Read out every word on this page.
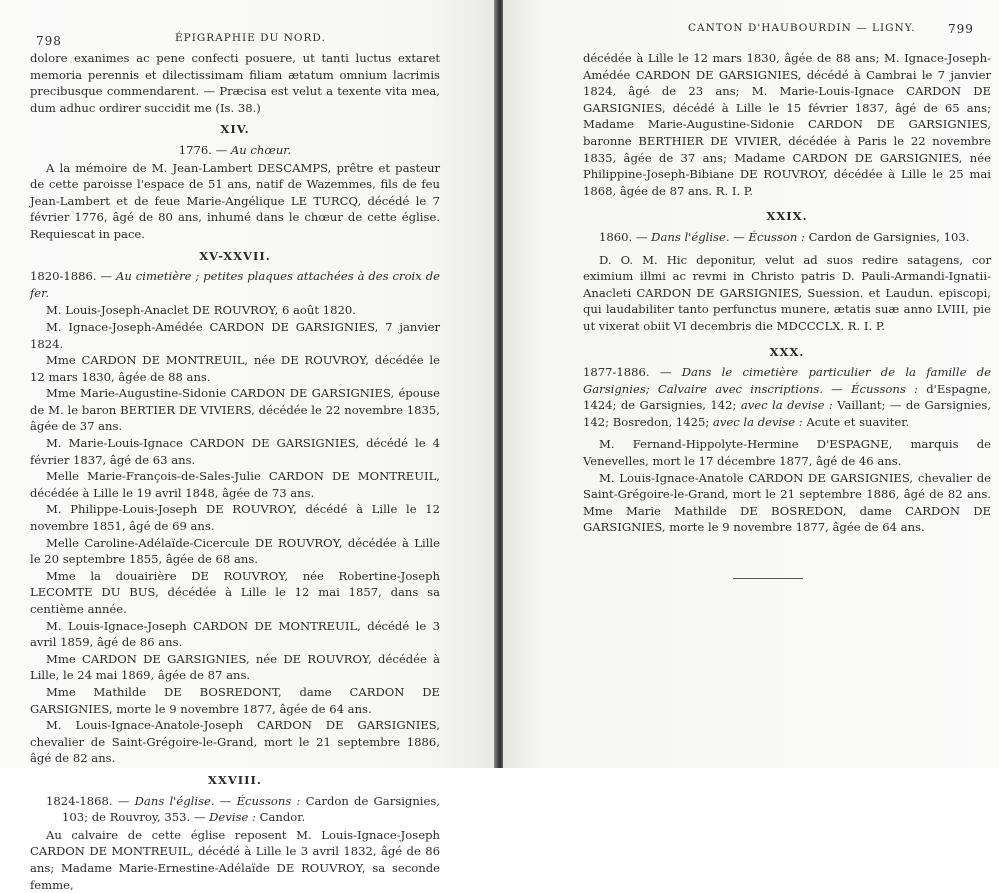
798	ÉPIGRAPHIE DU NORD.

dolore exanimes ac pene confecti posuere, ut tanti luctus extaret memoria perennis et dilectissimam filiam ætatum omnium lacrimis precibusque commendarent. — Præcisa est velut a texente vita mea, dum adhuc ordirer succidit me (Is. 38.)

XIV.

1776. — Au chœur.

A la mémoire de M. Jean-Lambert DESCAMPS, prêtre et pasteur de cette paroisse l'espace de 51 ans, natif de Wazemmes, fils de feu Jean-Lambert et de feue Marie-Angélique LE TURCQ, décédé le 7 février 1776, âgé de 80 ans, inhumé dans le chœur de cette église. Requiescat in pace.

XV-XXVII.

1820-1886. — Au cimetière ; petites plaques attachées à des croix de fer.

M. Louis-Joseph-Anaclet DE ROUVROY, 6 août 1820.

M. Ignace-Joseph-Amédée CARDON DE GARSIGNIES, 7 janvier 1824.

Mme CARDON DE MONTREUIL, née DE ROUVROY, décédée le 12 mars 1830, âgée de 88 ans.

Mme Marie-Augustine-Sidonie CARDON DE GARSIGNIES, épouse de M. le baron BERTIER DE VIVIERS, décédée le 22 novembre 1835, âgée de 37 ans.

M. Marie-Louis-Ignace CARDON DE GARSIGNIES, décédé le 4 février 1837, âgé de 63 ans.

Melle Marie-François-de-Sales-Julie CARDON DE MONTREUIL, décédée à Lille le 19 avril 1848, âgée de 73 ans.

M. Philippe-Louis-Joseph DE ROUVROY, décédé à Lille le 12 novembre 1851, âgé de 69 ans.

Melle Caroline-Adélaïde-Cicercule DE ROUVROY, décédée à Lille le 20 septembre 1855, âgée de 68 ans.

Mme la douairière DE ROUVROY, née Robertine-Joseph LECOMTE DU BUS, décédée à Lille le 12 mai 1857, dans sa centième année.

M. Louis-Ignace-Joseph CARDON DE MONTREUIL, décédé le 3 avril 1859, âgé de 86 ans.

Mme CARDON DE GARSIGNIES, née DE ROUVROY, décédée à Lille, le 24 mai 1869, âgée de 87 ans.

Mme Mathilde DE BOSREDONT, dame CARDON DE GARSIGNIES, morte le 9 novembre 1877, âgée de 64 ans.

M. Louis-Ignace-Anatole-Joseph CARDON DE GARSIGNIES, chevalier de Saint-Grégoire-le-Grand, mort le 21 septembre 1886, âgé de 82 ans.

XXVIII.

1824-1868. — Dans l'église. — Écussons : Cardon de Garsignies, 103; de Rouvroy, 353. — Devise : Candor.

Au calvaire de cette église reposent M. Louis-Ignace-Joseph CARDON DE MONTREUIL, décédé à Lille le 3 avril 1832, âgé de 86 ans; Madame Marie-Ernestine-Adélaïde DE ROUVROY, sa seconde femme,

CANTON D'HAUBOURDIN — LIGNY.	799

décédée à Lille le 12 mars 1830, âgée de 88 ans; M. Ignace-Joseph-Amédée CARDON DE GARSIGNIES, décédé à Cambrai le 7 janvier 1824, âgé de 23 ans; M. Marie-Louis-Ignace CARDON DE GARSIGNIES, décédé à Lille le 15 février 1837, âgé de 65 ans; Madame Marie-Augustine-Sidonie CARDON DE GARSIGNIES, baronne BERTHIER DE VIVIER, décédée à Paris le 22 novembre 1835, âgée de 37 ans; Madame CARDON DE GARSIGNIES, née Philippine-Joseph-Bibiane DE ROUVROY, décédée à Lille le 25 mai 1868, âgée de 87 ans. R. I. P.

XXIX.

1860. — Dans l'église. — Écusson : Cardon de Garsignies, 103.

D. O. M. Hic deponitur, velut ad suos redire satagens, cor eximium illmi ac revmi in Christo patris D. Pauli-Armandi-Ignatii-Anacleti CARDON DE GARSIGNIES, Suession. et Laudun. episcopi, qui laudabiliter tanto perfunctus munere, ætatis suæ anno LVIII, pie ut vixerat obiit VI decembris die MDCCCLX. R. I. P.

XXX.

1877-1886. — Dans le cimetière particulier de la famille de Garsignies; Calvaire avec inscriptions. — Écussons : d'Espagne, 1424; de Garsignies, 142; avec la devise : Vaillant; — de Garsignies, 142; Bosredon, 1425; avec la devise : Acute et suaviter.

M. Fernand-Hippolyte-Hermine D'ESPAGNE, marquis de Venevelles, mort le 17 décembre 1877, âgé de 46 ans.

M. Louis-Ignace-Anatole CARDON DE GARSIGNIES, chevalier de Saint-Grégoire-le-Grand, mort le 21 septembre 1886, âgé de 82 ans. Mme Marie Mathilde DE BOSREDON, dame CARDON DE GARSIGNIES, morte le 9 novembre 1877, âgée de 64 ans.
